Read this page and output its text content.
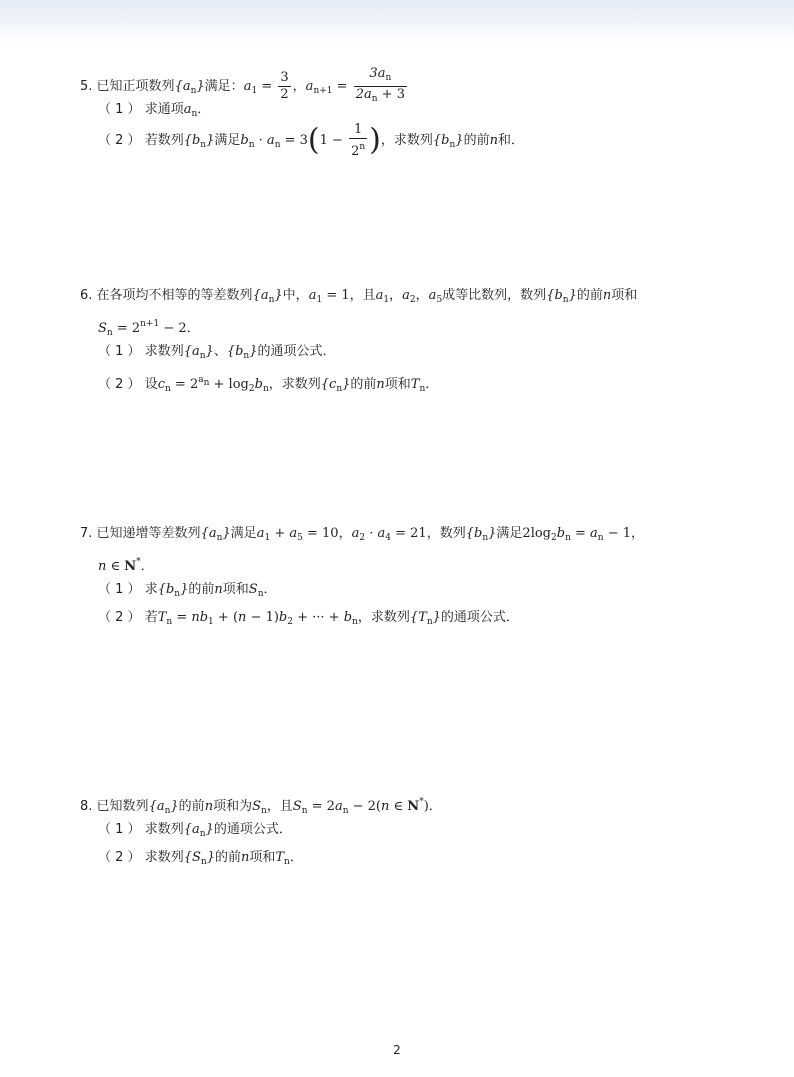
5. 已知正项数列$\{a_n\}$满足：$a_1 = \frac{3}{2}$ ，$a_{n+1} = \frac{3a_n}{2a_n + 3}$
（ 1 ） 求通项$a_n$．
（ 2 ） 若数列$\{b_n\}$满足$b_n \cdot a_n = 3(1 - \frac{1}{2^n}$ )，求数列$\{b_n\}$的前n和．
6. 在各项均不相等的等差数列$\{a_n\}$中，$a_1 = 1$，且$a_1$，$a_2$，$a_5$成等比数列，数列$\{b_n\}$的前n项和
$S_n = 2^{n+1} - 2$．
（ 1 ） 求数列$\{a_n\}$、$\{b_n\}$的通项公式．
（ 2 ） 设$c_n = 2^{a_n} + \log_2b_n$，求数列$\{c_n\}$的前n项和$T_n$．
7. 已知递增等差数列$\{a_n\}$满足$a_1 + a_5 = 10$，$a_2 \cdot a_4 = 21$，数列$\{b_n\}$满足$2\log_2b_n = a_n - 1$，
n ∈ N*．
（ 1 ） 求$\{b_n\}$的前n项和$S_n$．
（ 2 ） 若$T_n = nb_1 + (n - 1)b_2$ + ··· + $b_n$，求数列$\{T_n\}$的通项公式．
8. 已知数列$\{a_n\}$的前n项和为$S_n$，且$S_n = 2a_n - 2(n$ ∈ N*)．
（ 1 ） 求数列$\{a_n\}$的通项公式．
（ 2 ） 求数列$\{S_n\}$的前n项和$T_n$．
2
